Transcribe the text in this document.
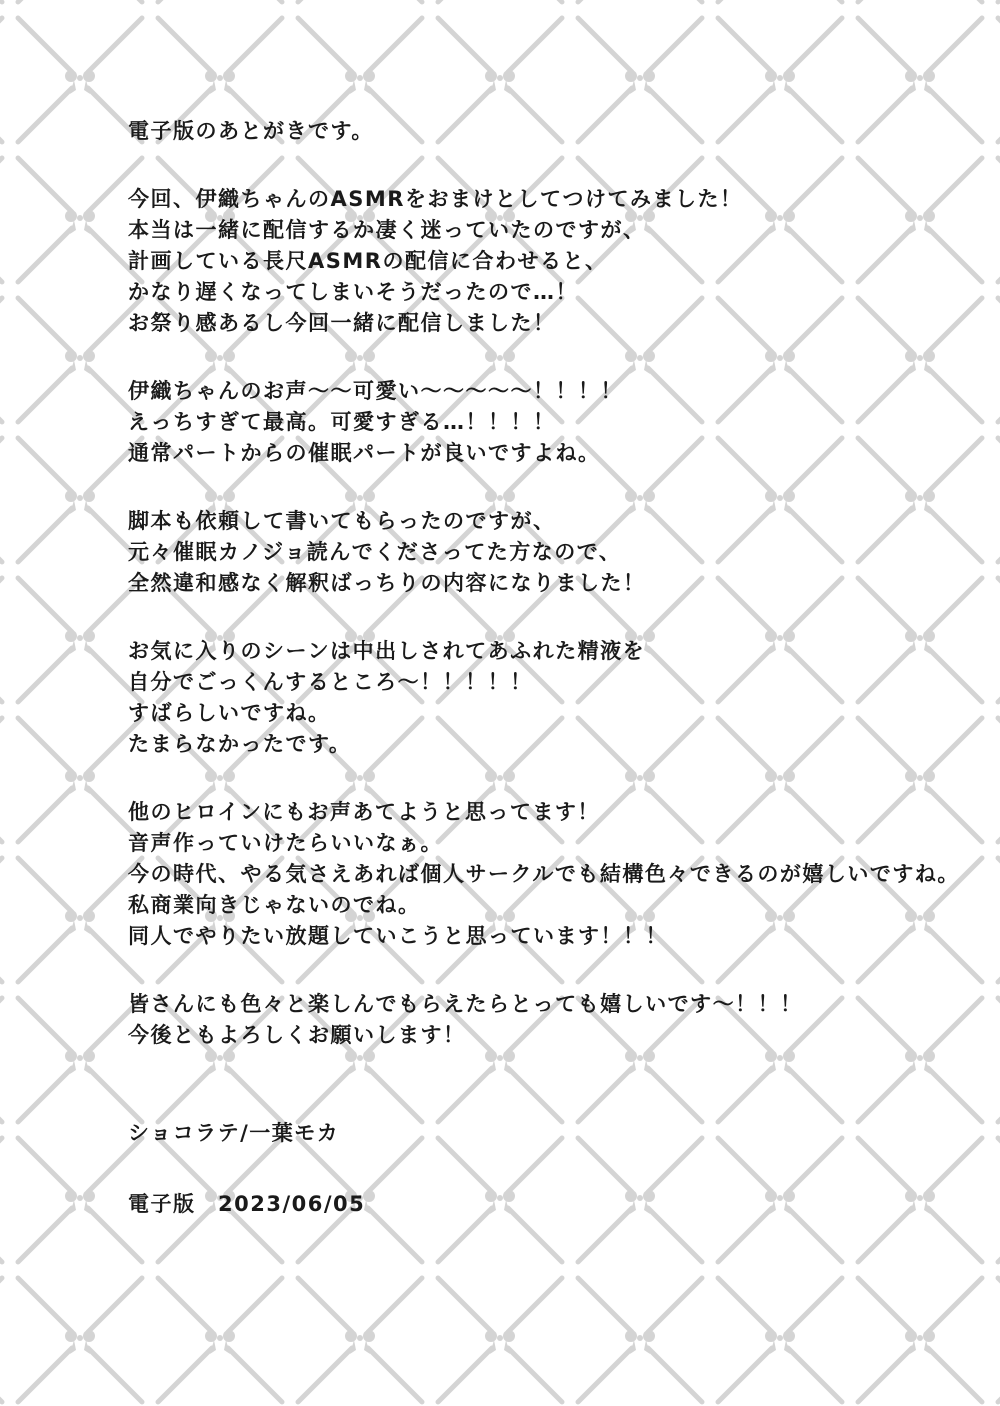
電子版のあとがきです。
今回、伊織ちゃんのASMRをおまけとしてつけてみました！
本当は一緒に配信するか凄く迷っていたのですが、
計画している長尺ASMRの配信に合わせると、
かなり遅くなってしまいそうだったので…！
お祭り感あるし今回一緒に配信しました！
伊織ちゃんのお声～～可愛い～～～～～！！！！
えっちすぎて最高。可愛すぎる…！！！！
通常パートからの催眠パートが良いですよね。
脚本も依頼して書いてもらったのですが、
元々催眠カノジョ読んでくださってた方なので、
全然違和感なく解釈ばっちりの内容になりました！
お気に入りのシーンは中出しされてあふれた精液を
自分でごっくんするところ～！！！！！
すばらしいですね。
たまらなかったです。
他のヒロインにもお声あてようと思ってます！
音声作っていけたらいいなぁ。
今の時代、やる気さえあれば個人サークルでも結構色々できるのが嬉しいですね。
私商業向きじゃないのでね。
同人でやりたい放題していこうと思っています！！！
皆さんにも色々と楽しんでもらえたらとっても嬉しいです～！！！
今後ともよろしくお願いします！
ショコラテ/一葉モカ
電子版　2023/06/05
